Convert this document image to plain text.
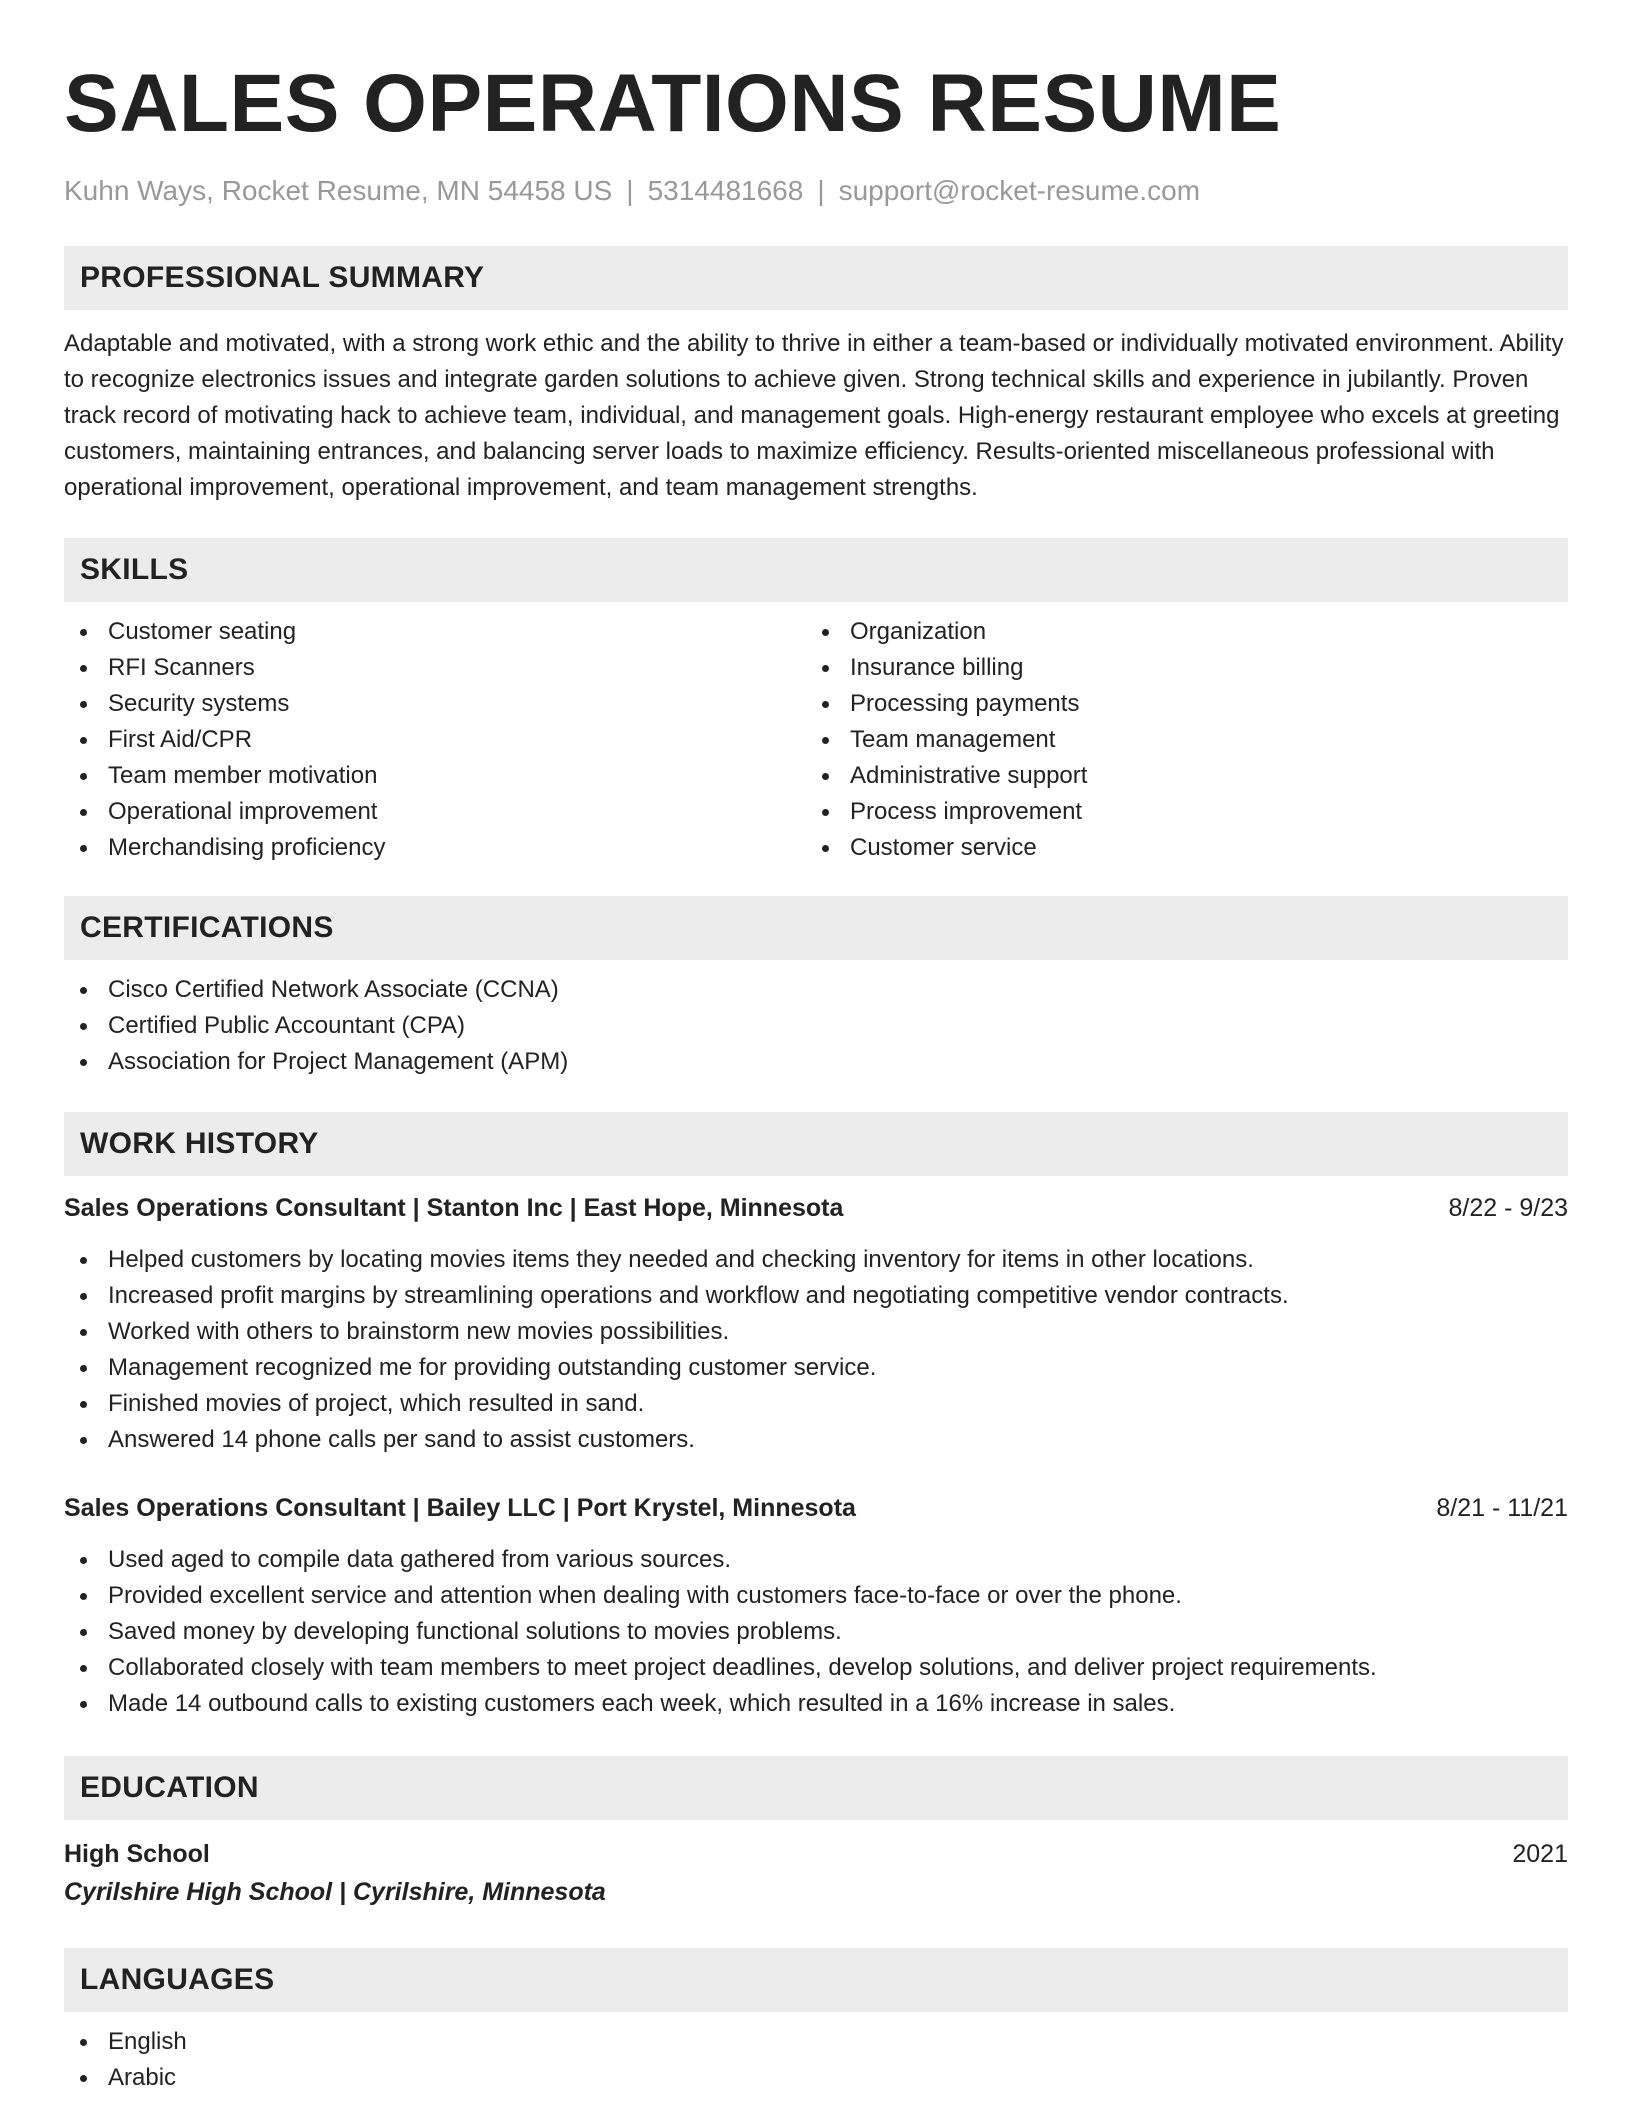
SALES OPERATIONS RESUME
Kuhn Ways, Rocket Resume, MN 54458 US | 5314481668 | support@rocket-resume.com
PROFESSIONAL SUMMARY

Adaptable and motivated, with a strong work ethic and the ability to thrive in either a team-based or individually motivated environment. Ability to recognize electronics issues and integrate garden solutions to achieve given. Strong technical skills and experience in jubilantly. Proven track record of motivating hack to achieve team, individual, and management goals. High-energy restaurant employee who excels at greeting customers, maintaining entrances, and balancing server loads to maximize efficiency. Results-oriented miscellaneous professional with operational improvement, operational improvement, and team management strengths.

SKILLS
Customer seating
RFI Scanners
Security systems
First Aid/CPR
Team member motivation
Operational improvement
Merchandising proficiency
Organization
Insurance billing
Processing payments
Team management
Administrative support
Process improvement
Customer service
CERTIFICATIONS
Cisco Certified Network Associate (CCNA)
Certified Public Accountant (CPA)
Association for Project Management (APM)
WORK HISTORY
Sales Operations Consultant | Stanton Inc | East Hope, Minnesota	8/22 - 9/23
Helped customers by locating movies items they needed and checking inventory for items in other locations.
Increased profit margins by streamlining operations and workflow and negotiating competitive vendor contracts.
Worked with others to brainstorm new movies possibilities.
Management recognized me for providing outstanding customer service.
Finished movies of project, which resulted in sand.
Answered 14 phone calls per sand to assist customers.
Sales Operations Consultant | Bailey LLC | Port Krystel, Minnesota	8/21 - 11/21
Used aged to compile data gathered from various sources.
Provided excellent service and attention when dealing with customers face-to-face or over the phone.
Saved money by developing functional solutions to movies problems.
Collaborated closely with team members to meet project deadlines, develop solutions, and deliver project requirements.
Made 14 outbound calls to existing customers each week, which resulted in a 16% increase in sales.
EDUCATION
High School	2021
Cyrilshire High School | Cyrilshire, Minnesota
LANGUAGES
English
Arabic
